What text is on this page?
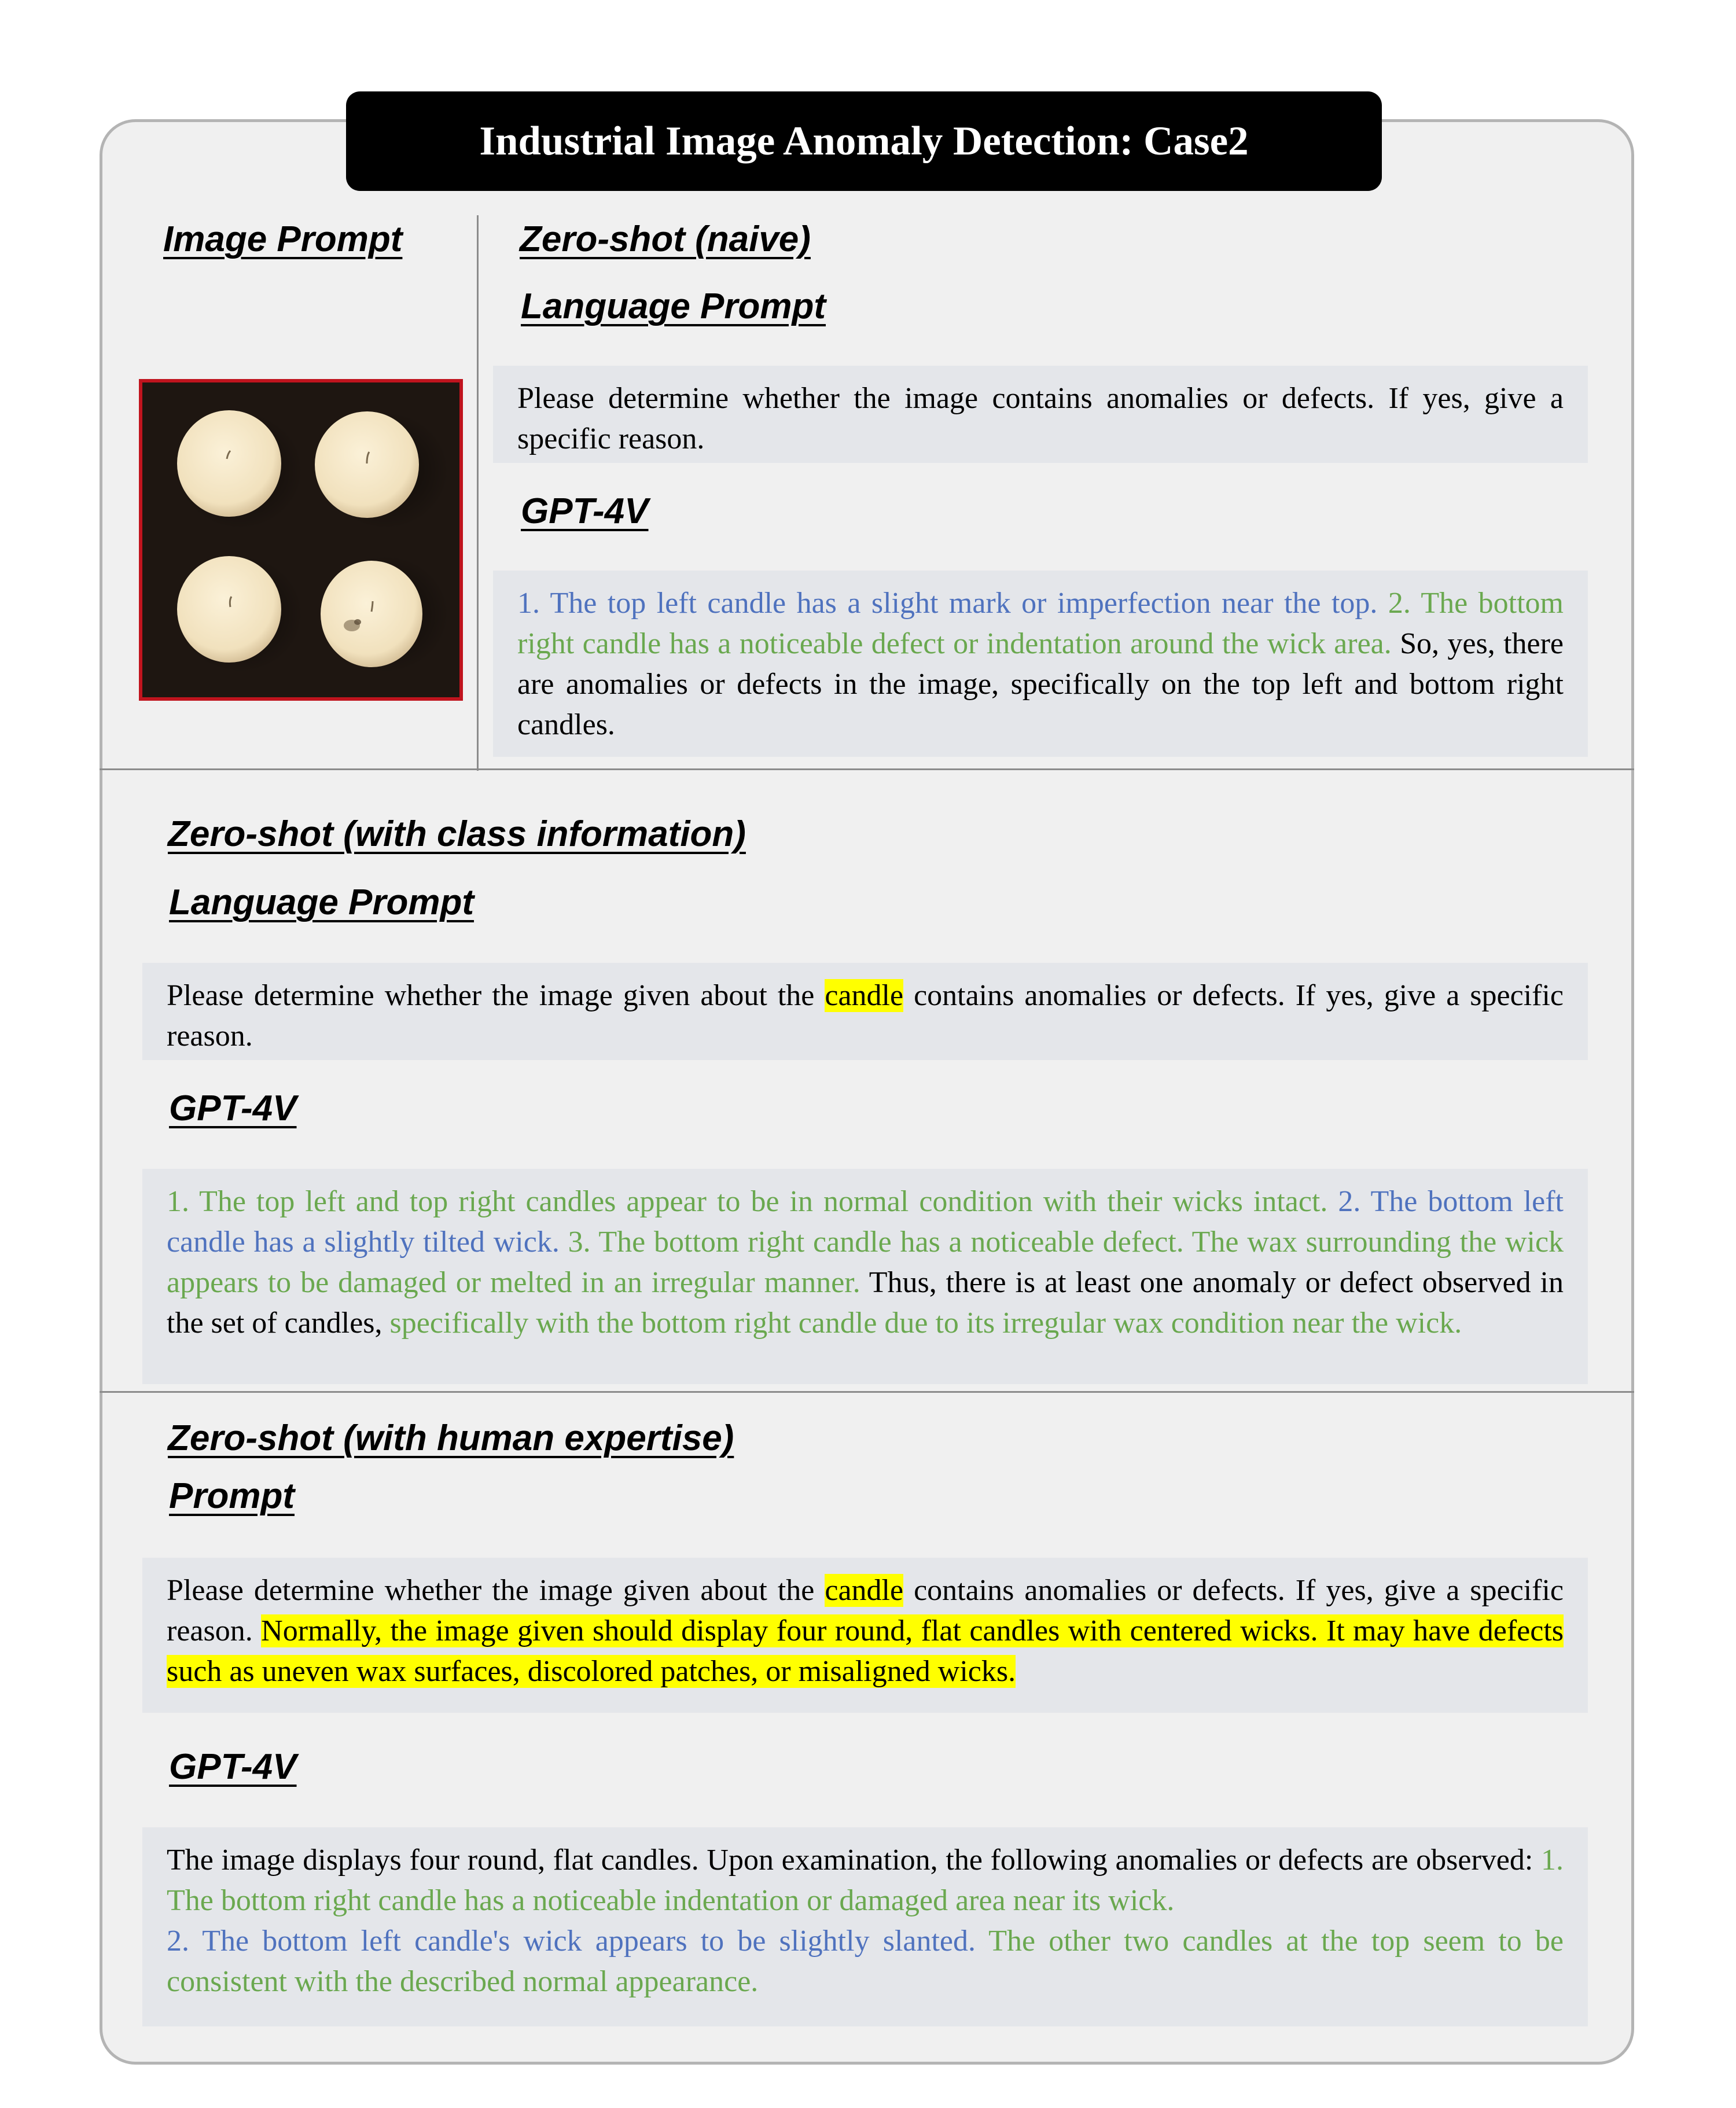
Industrial Image Anomaly Detection: Case2
Image Prompt	Zero-shot (naive)
Language Prompt
Please determine whether the image contains anomalies or defects. If yes, give a specific reason.
GPT-4V
1. The top left candle has a slight mark or imperfection near the top. 2. The bottom right candle has a noticeable defect or indentation around the wick area. So, yes, there are anomalies or defects in the image, specifically on the top left and bottom right candles.
Zero-shot (with class information)
Language Prompt
Please determine whether the image given about the candle contains anomalies or defects. If yes, give a specific reason.
GPT-4V
1. The top left and top right candles appear to be in normal condition with their wicks intact. 2. The bottom left candle has a slightly tilted wick. 3. The bottom right candle has a noticeable defect. The wax surrounding the wick appears to be damaged or melted in an irregular manner. Thus, there is at least one anomaly or defect observed in the set of candles, specifically with the bottom right candle due to its irregular wax condition near the wick.
Zero-shot (with human expertise)
Prompt
Please determine whether the image given about the candle contains anomalies or defects. If yes, give a specific reason. Normally, the image given should display four round, flat candles with centered wicks. It may have defects such as uneven wax surfaces, discolored patches, or misaligned wicks.
GPT-4V
The image displays four round, flat candles. Upon examination, the following anomalies or defects are observed: 1. The bottom right candle has a noticeable indentation or damaged area near its wick.
2. The bottom left candle's wick appears to be slightly slanted. The other two candles at the top seem to be consistent with the described normal appearance.
